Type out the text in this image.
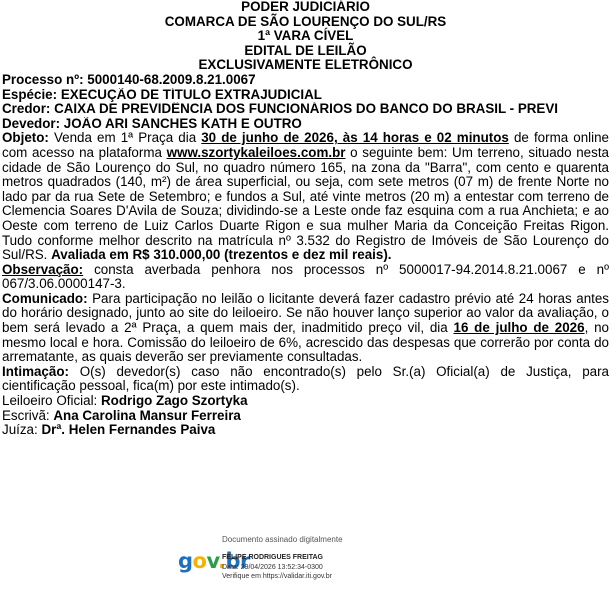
PODER JUDICIÁRIO
COMARCA DE SÃO LOURENÇO DO SUL/RS
1ª VARA CÍVEL
EDITAL DE LEILÃO
EXCLUSIVAMENTE ELETRÔNICO
Processo nº: 5000140-68.2009.8.21.0067
Espécie: EXECUÇÃO DE TÍTULO EXTRAJUDICIAL
Credor: CAIXA DE PREVIDÊNCIA DOS FUNCIONÁRIOS DO BANCO DO BRASIL - PREVI
Devedor: JOÃO ARI SANCHES KATH E OUTRO
Objeto: Venda em 1ª Praça dia 30 de junho de 2026, às 14 horas e 02 minutos de forma online com acesso na plataforma www.szortykaleiloes.com.br o seguinte bem: Um terreno, situado nesta cidade de São Lourenço do Sul, no quadro número 165, na zona da "Barra", com cento e quarenta metros quadrados (140, m²) de área superficial, ou seja, com sete metros (07 m) de frente Norte no lado par da rua Sete de Setembro; e fundos a Sul, até vinte metros (20 m) a entestar com terreno de Clemencia Soares D'Avila de Souza; dividindo-se a Leste onde faz esquina com a rua Anchieta; e ao Oeste com terreno de Luiz Carlos Duarte Rigon e sua mulher Maria da Conceição Freitas Rigon. Tudo conforme melhor descrito na matrícula nº 3.532 do Registro de Imóveis de São Lourenço do Sul/RS. Avaliada em R$ 310.000,00 (trezentos e dez mil reais).
Observação: consta averbada penhora nos processos nº 5000017-94.2014.8.21.0067 e nº 067/3.06.0000147-3.
Comunicado: Para participação no leilão o licitante deverá fazer cadastro prévio até 24 horas antes do horário designado, junto ao site do leiloeiro. Se não houver lanço superior ao valor da avaliação, o bem será levado a 2ª Praça, a quem mais der, inadmitido preço vil, dia 16 de julho de 2026, no mesmo local e hora. Comissão do leiloeiro de 6%, acrescido das despesas que correrão por conta do arrematante, as quais deverão ser previamente consultadas.
Intimação: O(s) devedor(s) caso não encontrado(s) pelo Sr.(a) Oficial(a) de Justiça, para cientificação pessoal, fica(m) por este intimado(s).
Leiloeiro Oficial: Rodrigo Zago Szortyka
Escrivã: Ana Carolina Mansur Ferreira
Juíza: Drª. Helen Fernandes Paiva
gov.br
Documento assinado digitalmente
FELIPE RODRIGUES FREITAG
Data: 29/04/2026 13:52:34-0300
Verifique em https://validar.iti.gov.br
